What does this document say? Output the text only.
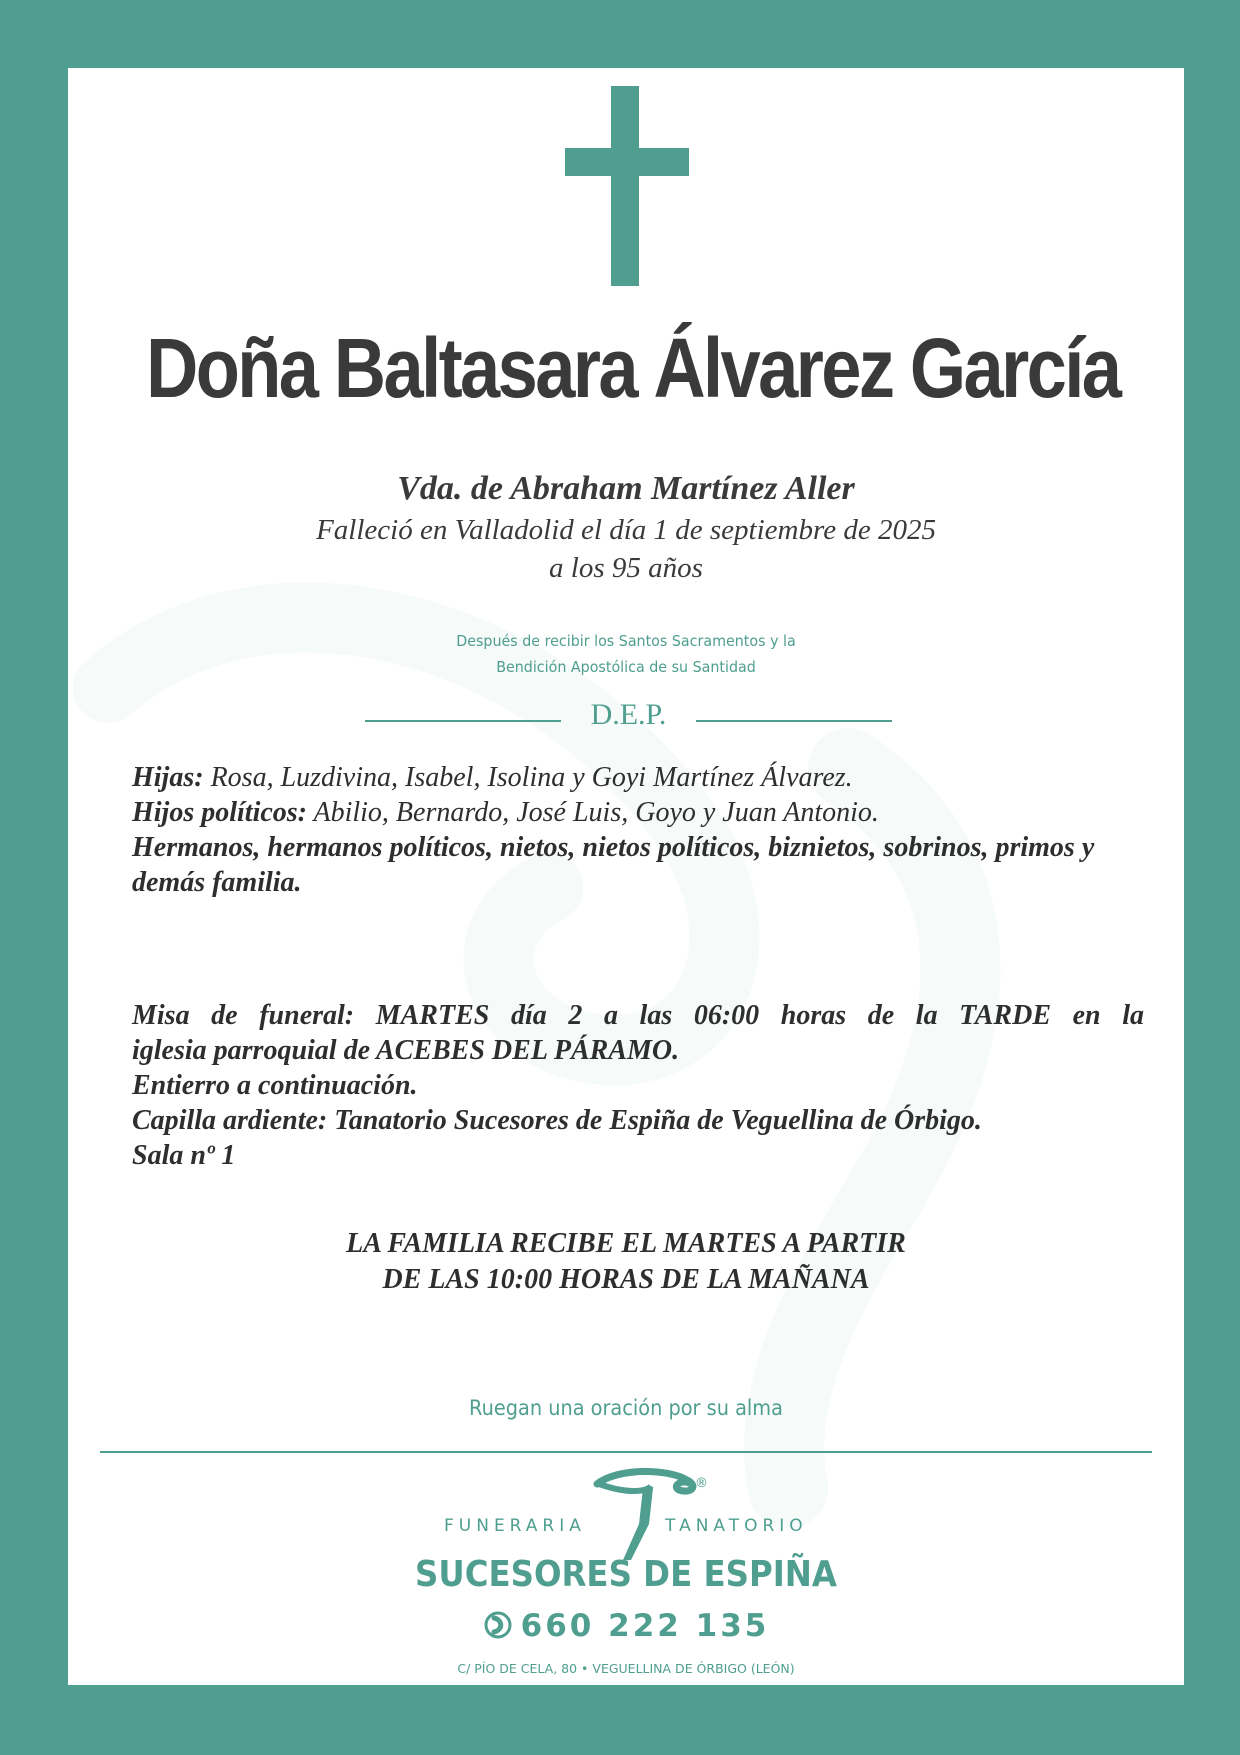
Doña Baltasara Álvarez García
Vda. de Abraham Martínez Aller
Falleció en Valladolid el día 1 de septiembre de 2025
a los 95 años
Después de recibir los Santos Sacramentos y la
Bendición Apostólica de su Santidad
D.E.P.

Hijas: Rosa, Luzdivina, Isabel, Isolina y Goyi Martínez Álvarez.

Hijos políticos: Abilio, Bernardo, José Luis, Goyo y Juan Antonio.

Hermanos, hermanos políticos, nietos, nietos políticos, biznietos, sobrinos, primos y demás familia.

Misa de funeral: MARTES día 2 a las 06:00 horas de la TARDE en la

iglesia parroquial de ACEBES DEL PÁRAMO.

Entierro a continuación.

Capilla ardiente: Tanatorio Sucesores de Espiña de Veguellina de Órbigo.

Sala nº 1

LA FAMILIA RECIBE EL MARTES A PARTIR
DE LAS 10:00 HORAS DE LA MAÑANA
Ruegan una oración por su alma
®
FUNERARIA	TANATORIO
SUCESORES DE ESPIÑA
660 222 135
C/ PÍO DE CELA, 80 • VEGUELLINA DE ÓRBIGO (LEÓN)
